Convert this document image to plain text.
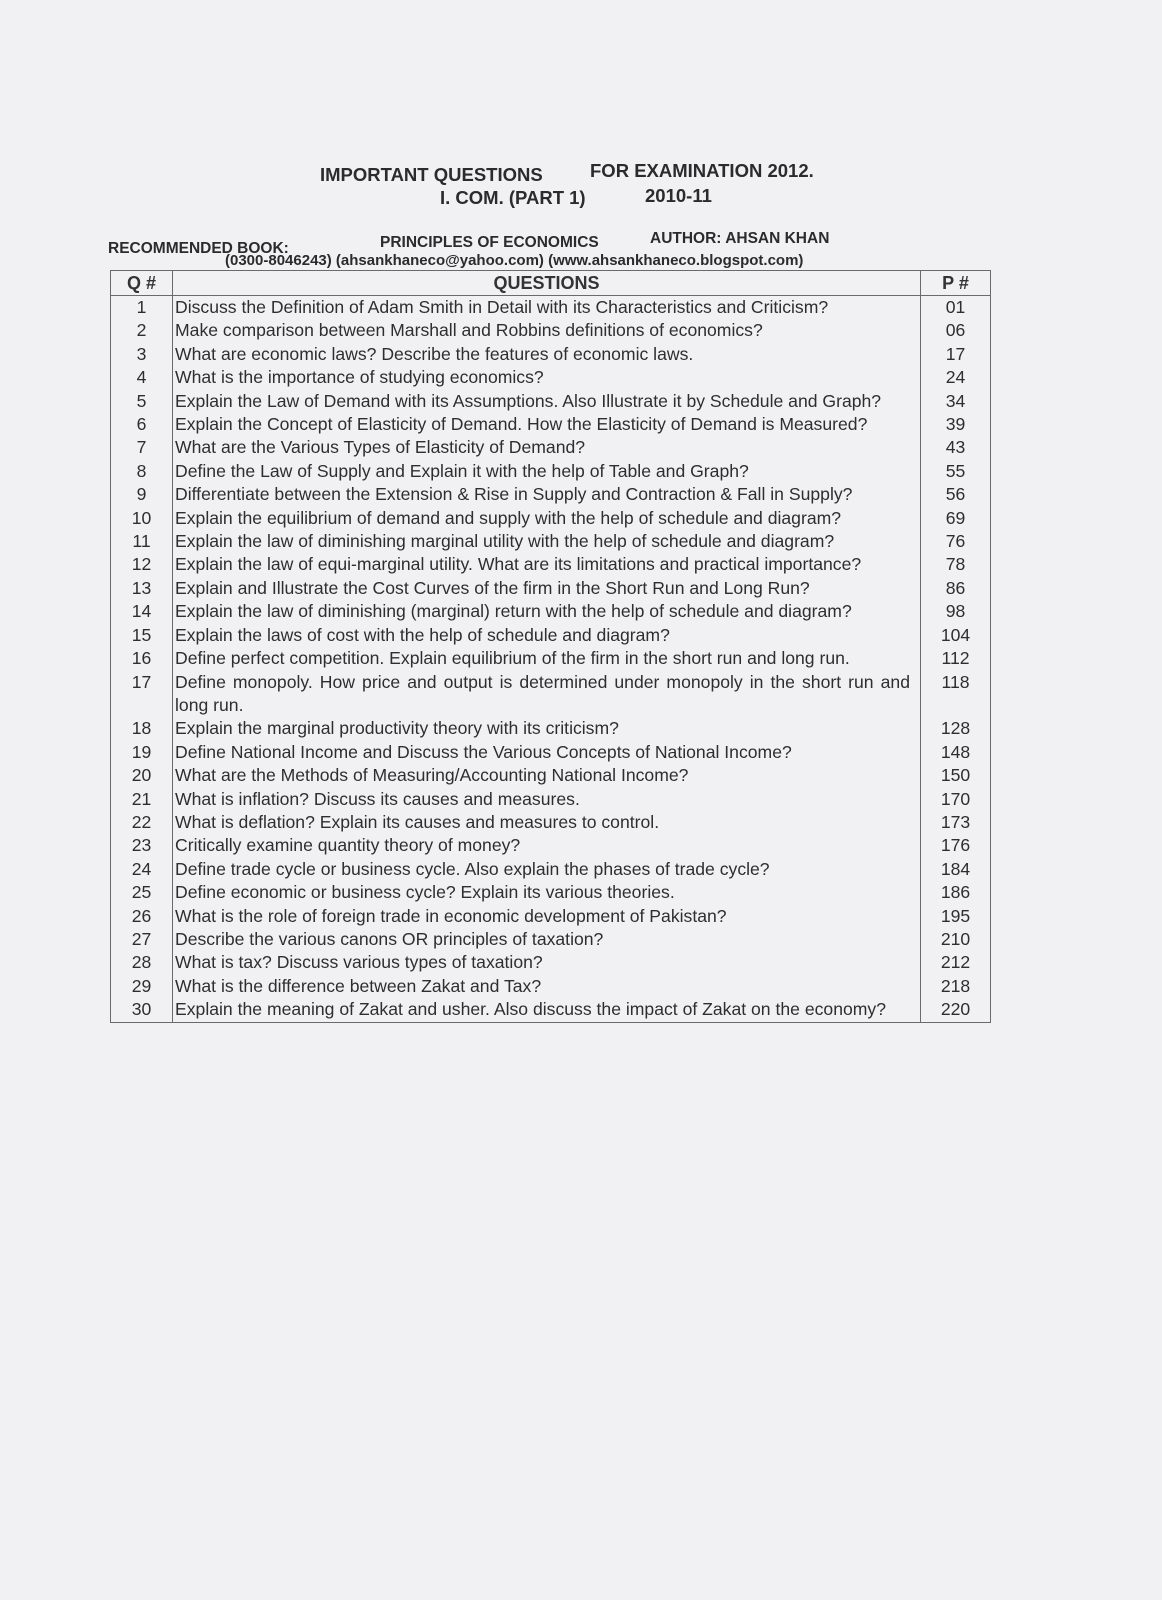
IMPORTANT QUESTIONS	FOR EXAMINATION 2012.
I. COM. (PART 1)	2010-11
RECOMMENDED BOOK:	PRINCIPLES OF ECONOMICS	AUTHOR: AHSAN KHAN
(0300-8046243) (ahsankhaneco@yahoo.com) (www.ahsankhaneco.blogspot.com)
Q #	QUESTIONS	P #
1	Discuss the Definition of Adam Smith in Detail with its Characteristics and Criticism?	01
2	Make comparison between Marshall and Robbins definitions of economics?	06
3	What are economic laws? Describe the features of economic laws.	17
4	What is the importance of studying economics?	24
5	Explain the Law of Demand with its Assumptions. Also Illustrate it by Schedule and Graph?	34
6	Explain the Concept of Elasticity of Demand. How the Elasticity of Demand is Measured?	39
7	What are the Various Types of Elasticity of Demand?	43
8	Define the Law of Supply and Explain it with the help of Table and Graph?	55
9	Differentiate between the Extension & Rise in Supply and Contraction & Fall in Supply?	56
10	Explain the equilibrium of demand and supply with the help of schedule and diagram?	69
11	Explain the law of diminishing marginal utility with the help of schedule and diagram?	76
12	Explain the law of equi-marginal utility. What are its limitations and practical importance?	78
13	Explain and Illustrate the Cost Curves of the firm in the Short Run and Long Run?	86
14	Explain the law of diminishing (marginal) return with the help of schedule and diagram?	98
15	Explain the laws of cost with the help of schedule and diagram?	104
16	Define perfect competition. Explain equilibrium of the firm in the short run and long run.	112
17	Define monopoly. How price and output is determined under monopoly in the short run and long run.	118
18	Explain the marginal productivity theory with its criticism?	128
19	Define National Income and Discuss the Various Concepts of National Income?	148
20	What are the Methods of Measuring/Accounting National Income?	150
21	What is inflation? Discuss its causes and measures.	170
22	What is deflation? Explain its causes and measures to control.	173
23	Critically examine quantity theory of money?	176
24	Define trade cycle or business cycle. Also explain the phases of trade cycle?	184
25	Define economic or business cycle? Explain its various theories.	186
26	What is the role of foreign trade in economic development of Pakistan?	195
27	Describe the various canons OR principles of taxation?	210
28	What is tax? Discuss various types of taxation?	212
29	What is the difference between Zakat and Tax?	218
30	Explain the meaning of Zakat and usher. Also discuss the impact of Zakat on the economy?	220
